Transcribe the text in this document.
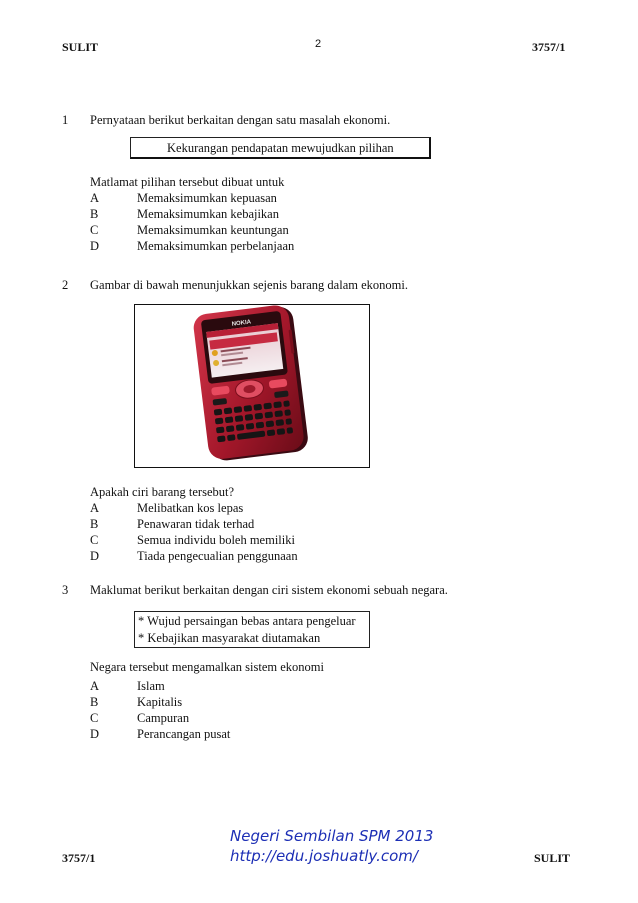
SULIT	2	3757/1
1 Pernyataan berikut berkaitan dengan satu masalah ekonomi.
Kekurangan pendapatan mewujudkan pilihan
Matlamat pilihan tersebut dibuat untuk
A	Memaksimumkan kepuasan
B	Memaksimumkan kebajikan
C	Memaksimumkan keuntungan
D	Memaksimumkan perbelanjaan
2 Gambar di bawah menunjukkan sejenis barang dalam ekonomi.
NOKIA
Apakah ciri barang tersebut?
A	Melibatkan kos lepas
B	Penawaran tidak terhad
C	Semua individu boleh memiliki
D	Tiada pengecualian penggunaan
3 Maklumat berikut berkaitan dengan ciri sistem ekonomi sebuah negara.
* Wujud persaingan bebas antara pengeluar
* Kebajikan masyarakat diutamakan
Negara tersebut mengamalkan sistem ekonomi
A	Islam
B	Kapitalis
C	Campuran
D	Perancangan pusat
Negeri Sembilan SPM 2013
http://edu.joshuatly.com/
3757/1	SULIT
